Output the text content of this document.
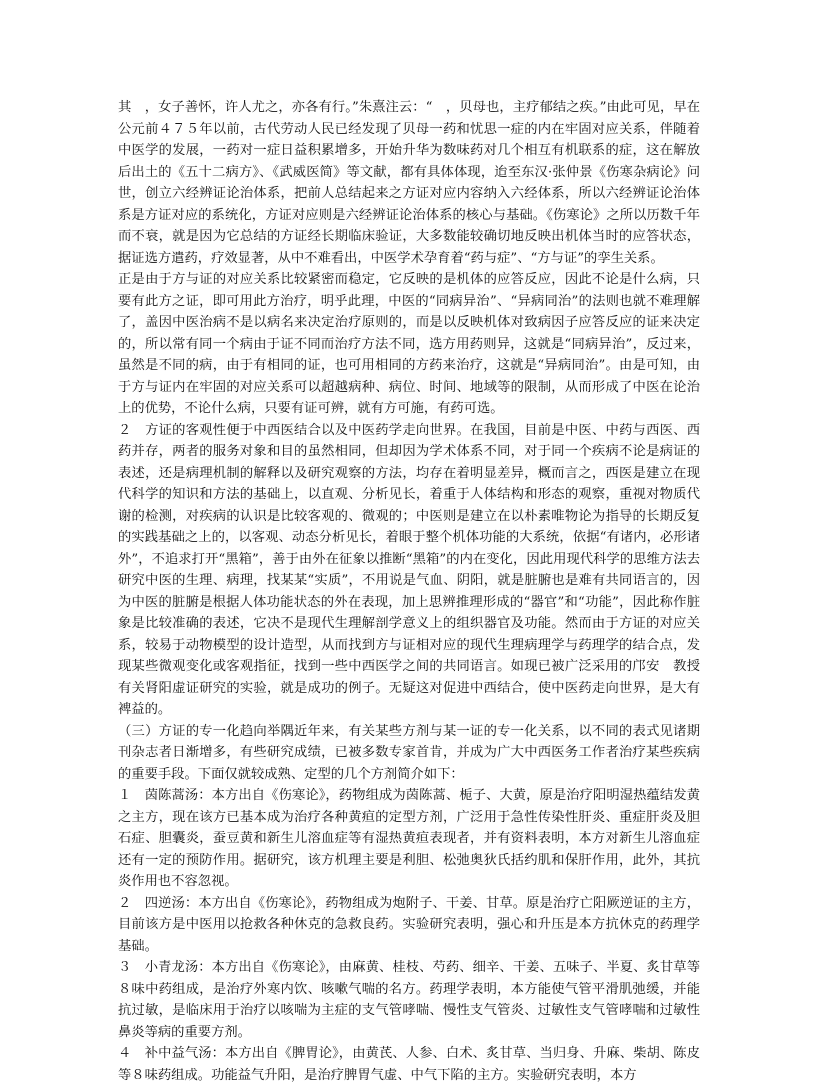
其　，女子善怀，许人尤之，亦各有行。”朱熹注云：“　，贝母也，主疗郁结之疾。”由此可见，早在公元前４７５年以前，古代劳动人民已经发现了贝母一药和忧思一症的内在牢固对应关系，伴随着中医学的发展，一药对一症日益积累增多，开始升华为数味药对几个相互有机联系的症，这在解放后出土的《五十二病方》、《武威医简》等文献，都有具体体现，迨至东汉·张仲景《伤寒杂病论》问世，创立六经辨证论治体系，把前人总结起来之方证对应内容纳入六经体系，所以六经辨证论治体系是方证对应的系统化，方证对应则是六经辨证论治体系的核心与基础。《伤寒论》之所以历数千年而不衰，就是因为它总结的方证经长期临床验证，大多数能较确切地反映出机体当时的应答状态，据证选方遣药，疗效显著，从中不难看出，中医学术孕育着“药与症”、“方与证”的孪生关系。

正是由于方与证的对应关系比较紧密而稳定，它反映的是机体的应答反应，因此不论是什么病，只要有此方之证，即可用此方治疗，明乎此理，中医的“同病异治”、“异病同治”的法则也就不难理解了，盖因中医治病不是以病名来决定治疗原则的，而是以反映机体对致病因子应答反应的证来决定的，所以常有同一个病由于证不同而治疗方法不同，选方用药则异，这就是“同病异治”，反过来，虽然是不同的病，由于有相同的证，也可用相同的方药来治疗，这就是“异病同治”。由是可知，由于方与证内在牢固的对应关系可以超越病种、病位、时间、地域等的限制，从而形成了中医在论治上的优势，不论什么病，只要有证可辨，就有方可施，有药可选。

２　方证的客观性便于中西医结合以及中医药学走向世界。在我国，目前是中医、中药与西医、西药并存，两者的服务对象和目的虽然相同，但却因为学术体系不同，对于同一个疾病不论是病证的表述，还是病理机制的解释以及研究观察的方法，均存在着明显差异，概而言之，西医是建立在现代科学的知识和方法的基础上，以直观、分析见长，着重于人体结构和形态的观察，重视对物质代谢的检测，对疾病的认识是比较客观的、微观的；中医则是建立在以朴素唯物论为指导的长期反复的实践基础之上的，以客观、动态分析见长，着眼于整个机体功能的大系统，依据“有诸内，必形诸外”，不追求打开“黑箱”，善于由外在征象以推断“黑箱”的内在变化，因此用现代科学的思维方法去研究中医的生理、病理，找某某“实质”，不用说是气血、阴阳，就是脏腑也是难有共同语言的，因为中医的脏腑是根据人体功能状态的外在表现，加上思辨推理形成的“器官”和“功能”，因此称作脏象是比较准确的表述，它决不是现代生理解剖学意义上的组织器官及功能。然而由于方证的对应关系，较易于动物模型的设计造型，从而找到方与证相对应的现代生理病理学与药理学的结合点，发现某些微观变化或客观指征，找到一些中西医学之间的共同语言。如现已被广泛采用的邝安　教授有关肾阳虚证研究的实验，就是成功的例子。无疑这对促进中西结合，使中医药走向世界，是大有裨益的。

（三）方证的专一化趋向举隅近年来，有关某些方剂与某一证的专一化关系，以不同的表式见诸期刊杂志者日渐增多，有些研究成绩，已被多数专家首肯，并成为广大中西医务工作者治疗某些疾病的重要手段。下面仅就较成熟、定型的几个方剂简介如下：

１　茵陈蒿汤：本方出自《伤寒论》，药物组成为茵陈蒿、栀子、大黄，原是治疗阳明湿热蕴结发黄之主方，现在该方已基本成为治疗各种黄疸的定型方剂，广泛用于急性传染性肝炎、重症肝炎及胆石症、胆囊炎，蚕豆黄和新生儿溶血症等有湿热黄疸表现者，并有资料表明，本方对新生儿溶血症还有一定的预防作用。据研究，该方机理主要是利胆、松弛奥狄氏括约肌和保肝作用，此外，其抗炎作用也不容忽视。

２　四逆汤：本方出自《伤寒论》，药物组成为炮附子、干姜、甘草。原是治疗亡阳厥逆证的主方，目前该方是中医用以抢救各种休克的急救良药。实验研究表明，强心和升压是本方抗休克的药理学基础。

３　小青龙汤：本方出自《伤寒论》，由麻黄、桂枝、芍药、细辛、干姜、五味子、半夏、炙甘草等８味中药组成，是治疗外寒内饮、咳嗽气喘的名方。药理学表明，本方能使气管平滑肌弛缓，并能抗过敏，是临床用于治疗以咳喘为主症的支气管哮喘、慢性支气管炎、过敏性支气管哮喘和过敏性鼻炎等病的重要方剂。

４　补中益气汤：本方出自《脾胃论》，由黄芪、人参、白术、炙甘草、当归身、升麻、柴胡、陈皮等８味药组成。功能益气升阳，是治疗脾胃气虚、中气下陷的主方。实验研究表明，本方
